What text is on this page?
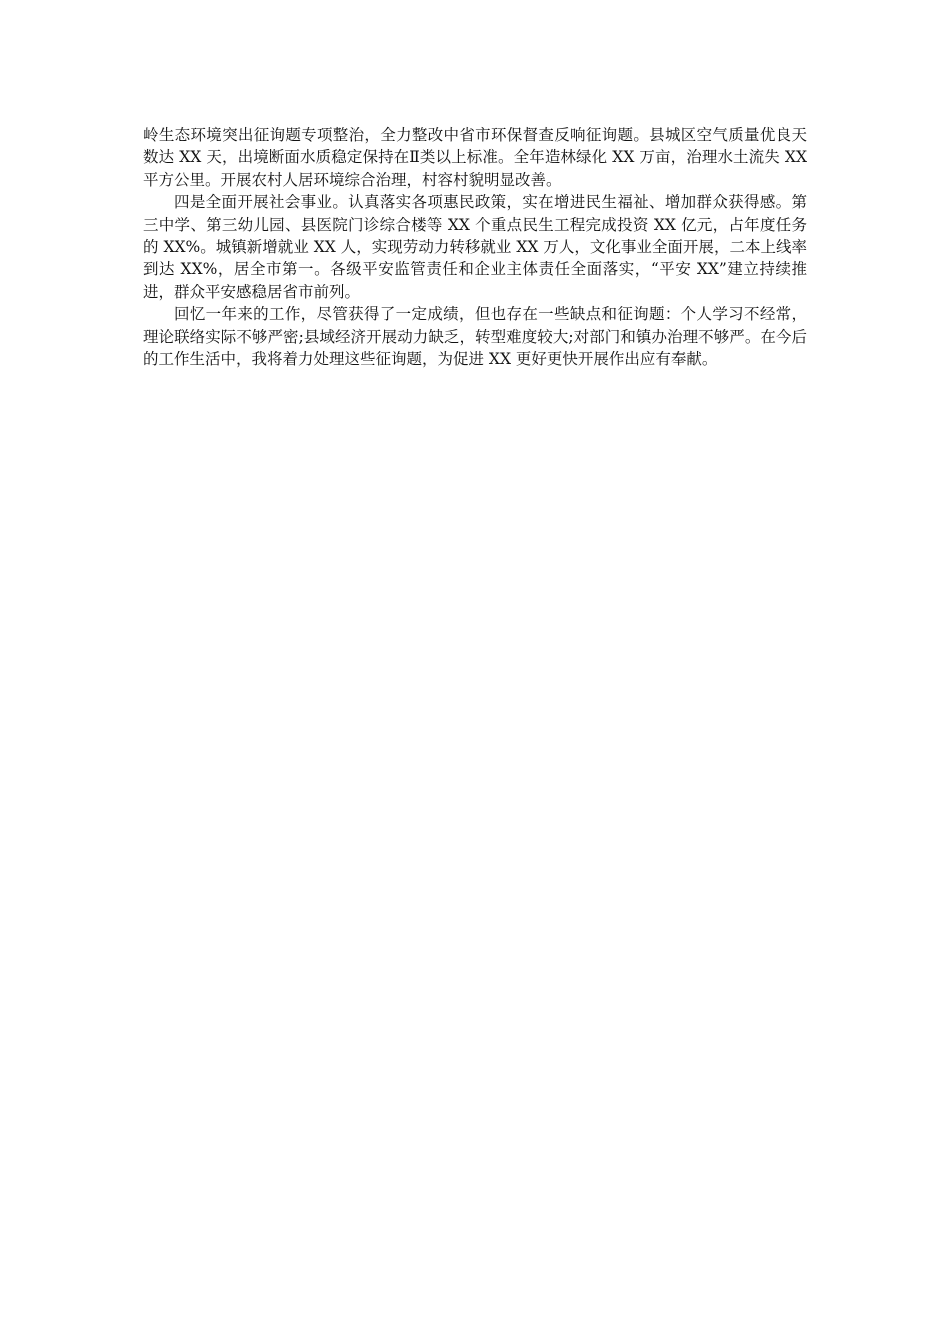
岭生态环境突出征询题专项整治，全力整改中省市环保督查反响征询题。县城区空气质量优良天数达 XX 天，出境断面水质稳定保持在Ⅱ类以上标准。全年造林绿化 XX 万亩，治理水土流失 XX 平方公里。开展农村人居环境综合治理，村容村貌明显改善。

四是全面开展社会事业。认真落实各项惠民政策，实在增进民生福祉、增加群众获得感。第三中学、第三幼儿园、县医院门诊综合楼等 XX 个重点民生工程完成投资 XX 亿元，占年度任务的 XX%。城镇新增就业 XX 人，实现劳动力转移就业 XX 万人，文化事业全面开展，二本上线率到达 XX%，居全市第一。各级平安监管责任和企业主体责任全面落实，“平安 XX”建立持续推进，群众平安感稳居省市前列。

回忆一年来的工作，尽管获得了一定成绩，但也存在一些缺点和征询题：个人学习不经常，理论联络实际不够严密;县域经济开展动力缺乏，转型难度较大;对部门和镇办治理不够严。在今后的工作生活中，我将着力处理这些征询题，为促进 XX 更好更快开展作出应有奉献。
